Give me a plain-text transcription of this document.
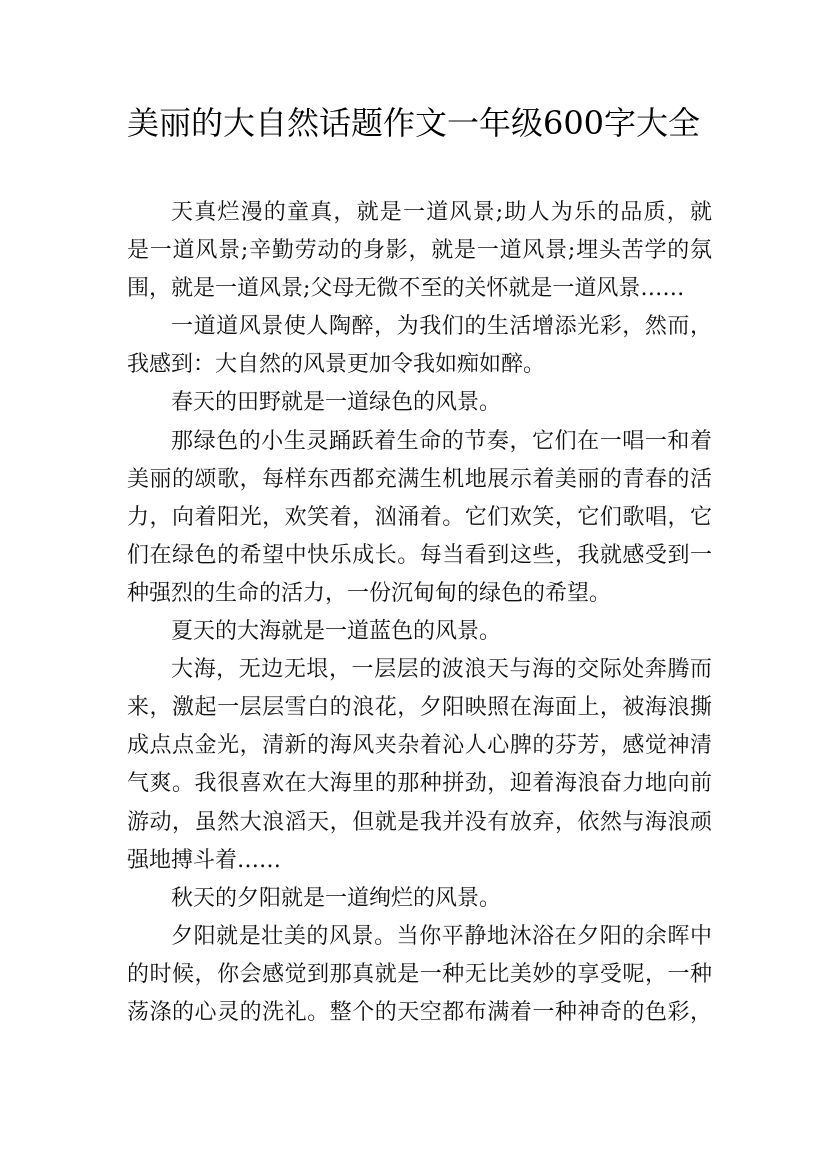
美丽的大自然话题作文一年级600字大全
天真烂漫的童真，就是一道风景;助人为乐的品质，就
是一道风景;辛勤劳动的身影，就是一道风景;埋头苦学的氛
围，就是一道风景;父母无微不至的关怀就是一道风景……
一道道风景使人陶醉，为我们的生活增添光彩，然而，
我感到：大自然的风景更加令我如痴如醉。
春天的田野就是一道绿色的风景。
那绿色的小生灵踊跃着生命的节奏，它们在一唱一和着
美丽的颂歌，每样东西都充满生机地展示着美丽的青春的活
力，向着阳光，欢笑着，汹涌着。它们欢笑，它们歌唱，它
们在绿色的希望中快乐成长。每当看到这些，我就感受到一
种强烈的生命的活力，一份沉甸甸的绿色的希望。
夏天的大海就是一道蓝色的风景。
大海，无边无垠，一层层的波浪天与海的交际处奔腾而
来，激起一层层雪白的浪花，夕阳映照在海面上，被海浪撕
成点点金光，清新的海风夹杂着沁人心脾的芬芳，感觉神清
气爽。我很喜欢在大海里的那种拼劲，迎着海浪奋力地向前
游动，虽然大浪滔天，但就是我并没有放弃，依然与海浪顽
强地搏斗着……
秋天的夕阳就是一道绚烂的风景。
夕阳就是壮美的风景。当你平静地沐浴在夕阳的余晖中
的时候，你会感觉到那真就是一种无比美妙的享受呢，一种
荡涤的心灵的洗礼。整个的天空都布满着一种神奇的色彩，
